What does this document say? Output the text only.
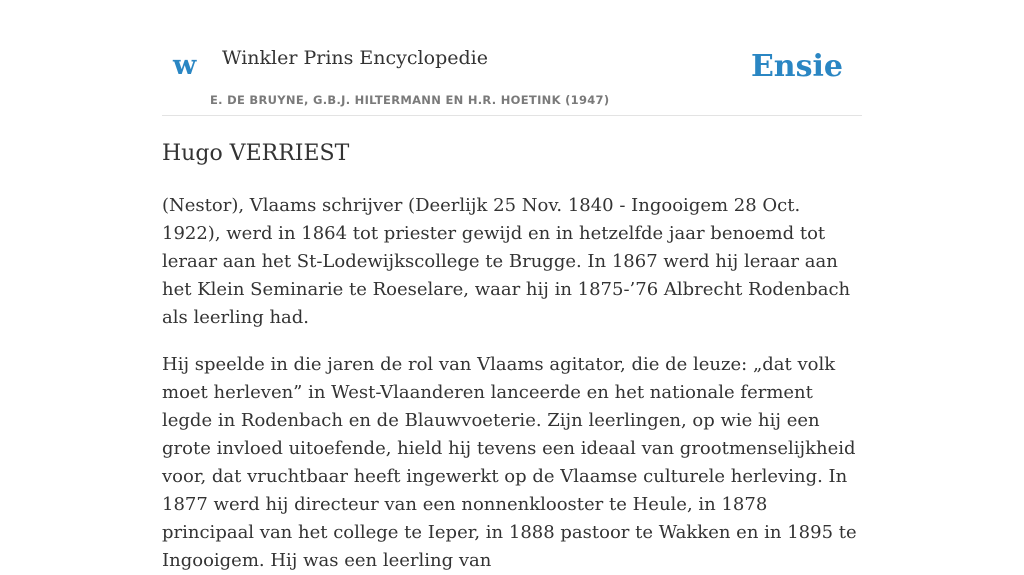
w Winkler Prins Encyclopedie
E. DE BRUYNE, G.B.J. HILTERMANN EN H.R. HOETINK (1947)
Ensie
Hugo VERRIEST

(Nestor), Vlaams schrijver (Deerlijk 25 Nov. 1840 - Ingooigem 28 Oct. 1922), werd in 1864 tot priester gewijd en in hetzelfde jaar benoemd tot leraar aan het St-Lodewijkscollege te Brugge. In 1867 werd hij leraar aan het Klein Seminarie te Roeselare, waar hij in 1875-’76 Albrecht Rodenbach als leerling had.

Hij speelde in die jaren de rol van Vlaams agitator, die de leuze: „dat volk moet herleven” in West-Vlaanderen lanceerde en het nationale ferment legde in Rodenbach en de Blauwvoeterie. Zijn leerlingen, op wie hij een grote invloed uitoefende, hield hij tevens een ideaal van grootmenselijkheid voor, dat vruchtbaar heeft ingewerkt op de Vlaamse culturele herleving. In 1877 werd hij directeur van een nonnenklooster te Heule, in 1878 principaal van het college te Ieper, in 1888 pastoor te Wakken en in 1895 te Ingooigem. Hij was een leerling van
